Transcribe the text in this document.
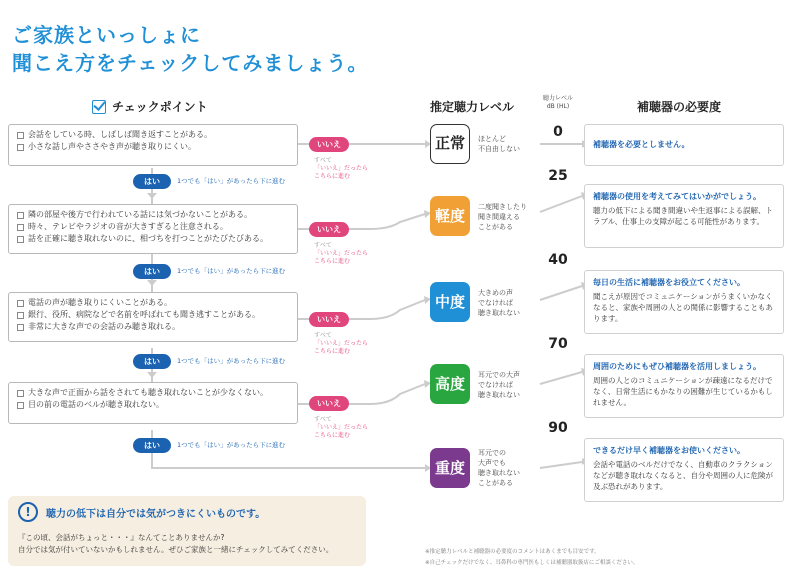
ご家族といっしょに
聞こえ方をチェックしてみましょう。
チェックポイント	推定聴力レベル
聴力レベル
dB (HL)	補聴器の必要度
会話をしている時、しばしば聞き返すことがある。
小さな話し声やささやき声が聴き取りにくい。
隣の部屋や後方で行われている話には気づかないことがある。
時々、テレビやラジオの音が大きすぎると注意される。
話を正確に聴き取れないのに、相づちを打つことがたびたびある。
電話の声が聴き取りにくいことがある。
銀行、役所、病院などで名前を呼ばれても聞き逃すことがある。
非常に大きな声での会話のみ聴き取れる。
大きな声で正面から話をされても聴き取れないことが少なくない。
目の前の電話のベルが聴き取れない。
いいえ
すべて
「いいえ」だったら
こちらに進む
いいえ
すべて
「いいえ」だったら
こちらに進む
いいえ
すべて
「いいえ」だったら
こちらに進む
いいえ
すべて
「いいえ」だったら
こちらに進む
はい	1つでも「はい」があったら下に進む
はい	1つでも「はい」があったら下に進む
はい	1つでも「はい」があったら下に進む
はい	1つでも「はい」があったら下に進む
正常
軽度
中度
高度
重度
ほとんど
不自由しない
二度聞きしたり
聞き間違える
ことがある
大きめの声
でなければ
聴き取れない
耳元での大声
でなければ
聴き取れない
耳元での
大声でも
聴き取れない
ことがある
0
25
40
70
90
補聴器を必要としません。
補聴器の使用を考えてみてはいかがでしょう。
聴力の低下による聞き間違いや生返事による誤解、トラブル、仕事上の支障が起こる可能性があります。
毎日の生活に補聴器をお役立てください。
聞こえが原因でコミュニケーションがうまくいかなくなると、家族や周囲の人との関係に影響することもあります。
周囲のためにもぜひ補聴器を活用しましょう。
周囲の人とのコミュニケーションが疎遠になるだけでなく、日常生活にもかなりの困難が生じているかもしれません。
できるだけ早く補聴器をお使いください。
会話や電話のベルだけでなく、自動車のクラクションなどが聴き取れなくなると、自分や周囲の人に危険が及ぶ恐れがあります。
!	聴力の低下は自分では気がつきにくいものです。
『この頃、会話がちょっと・・・』なんてことありませんか?
自分では気が付いていないかもしれません。ぜひご家族と一緒にチェックしてみてください。	※推定聴力レベルと補聴器の必要度のコメントはあくまでも目安です。
※自己チェックだけでなく、耳鼻科の専門医もしくは補聴器取扱店にご相談ください。
